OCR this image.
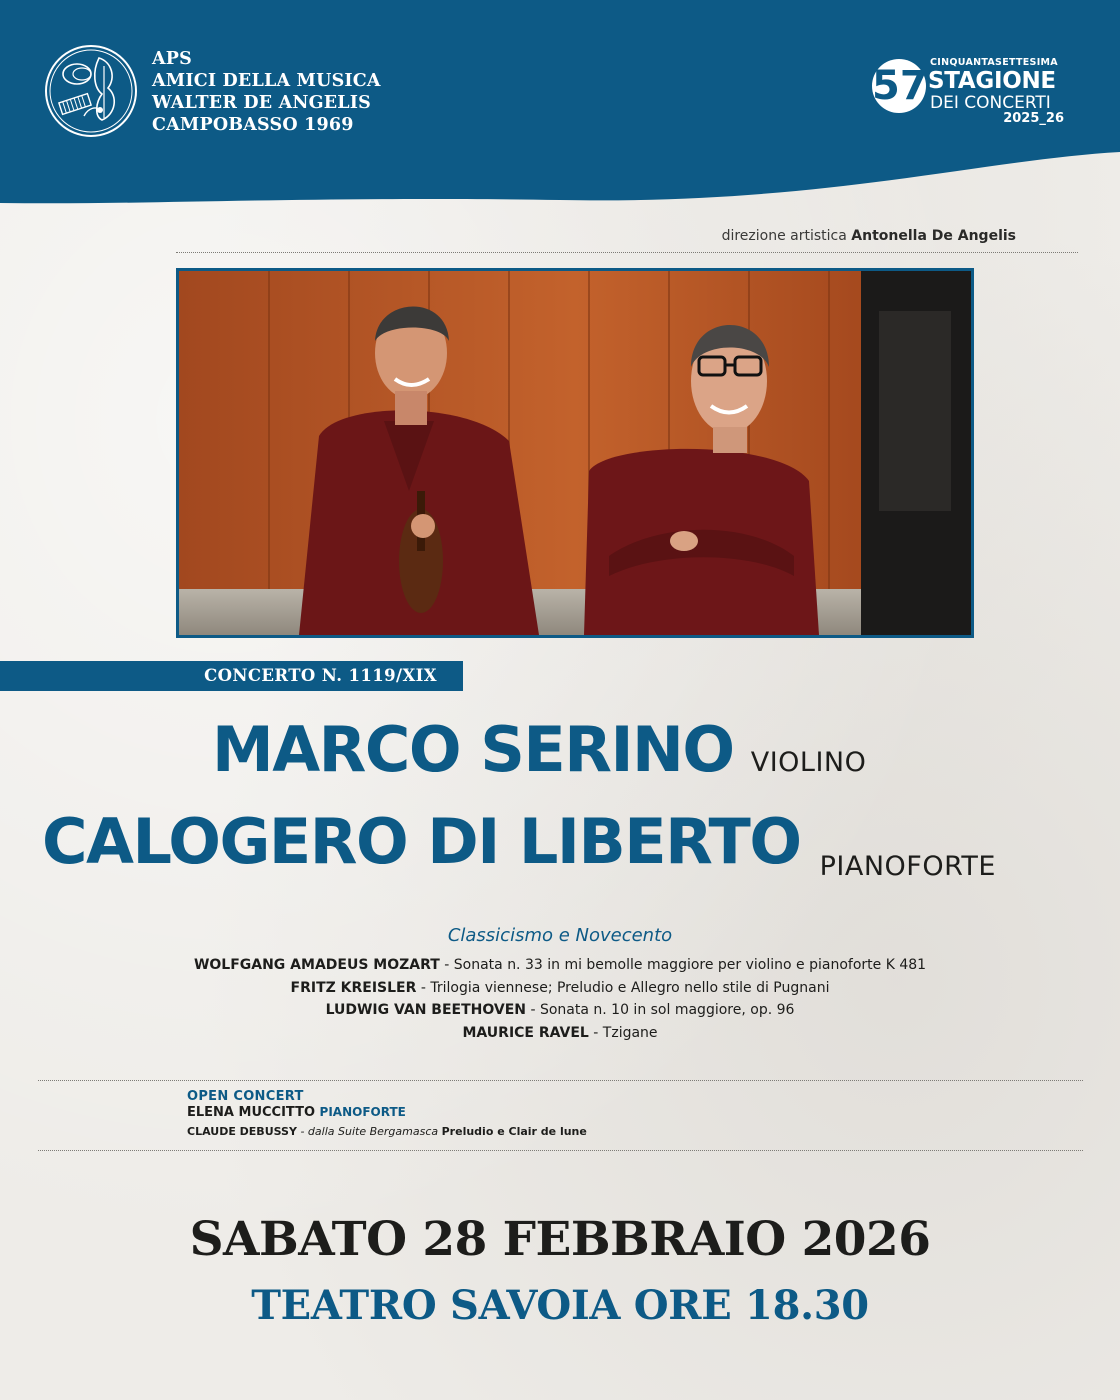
APS
AMICI DELLA MUSICA
WALTER DE ANGELIS
CAMPOBASSO 1969
57
CINQUANTASETTESIMA
STAGIONE
DEI CONCERTI
2025_26
direzione artistica Antonella De Angelis
CONCERTO N. 1119/XIX
MARCO SERINO VIOLINO
CALOGERO DI LIBERTO PIANOFORTE
Classicismo e Novecento
WOLFGANG AMADEUS MOZART - Sonata n. 33 in mi bemolle maggiore per violino e pianoforte K 481
FRITZ KREISLER - Trilogia viennese; Preludio e Allegro nello stile di Pugnani
LUDWIG VAN BEETHOVEN - Sonata n. 10 in sol maggiore, op. 96
MAURICE RAVEL - Tzigane
OPEN CONCERT
ELENA MUCCITTO PIANOFORTE
CLAUDE DEBUSSY - dalla Suite Bergamasca Preludio e Clair de lune
SABATO 28 FEBBRAIO 2026
TEATRO SAVOIA ORE 18.30
